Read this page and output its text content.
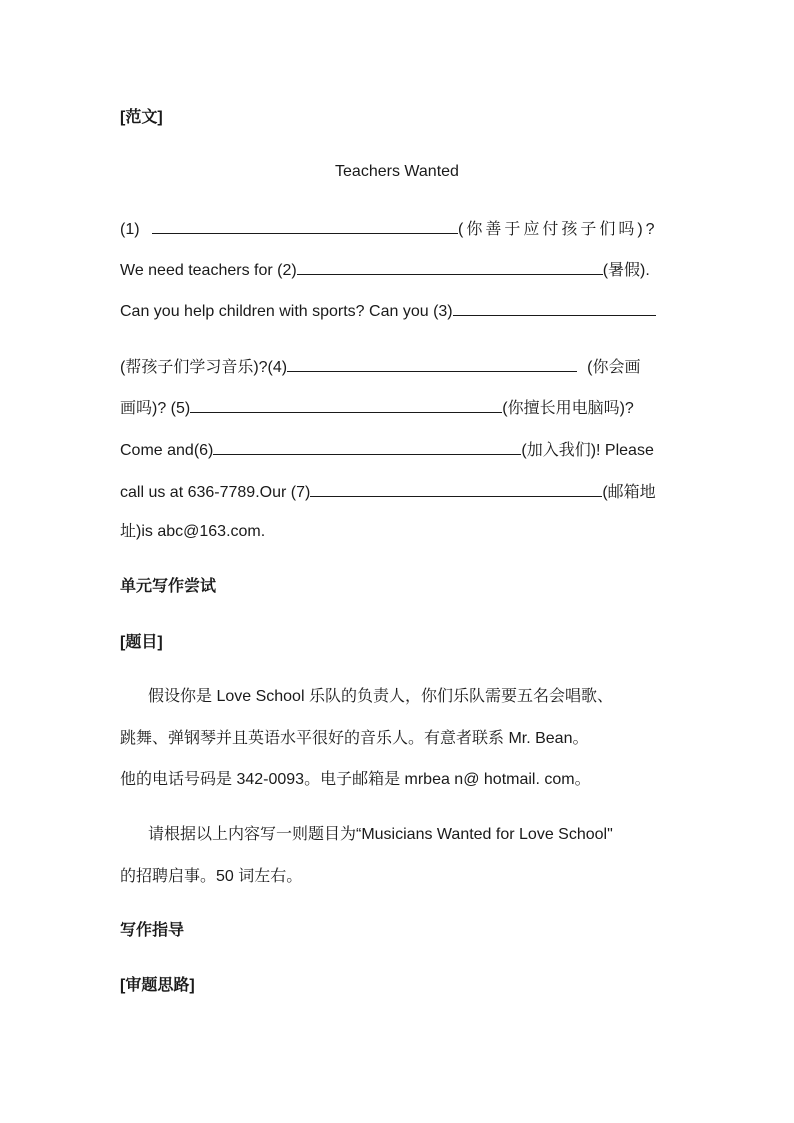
[范文]
Teachers Wanted
(1)	(你善于应付孩子们吗)?
We need teachers for (2)	(暑假).
Can you help children with sports? Can you (3)
(帮孩子们学习音乐)?(4)	(你会画
画吗)? (5)	(你擅长用电脑吗)?
Come and(6)	(加入我们)! Please
call us at 636-7789.Our (7)	(邮箱地
址)is abc@163.com.
单元写作尝试
[题目]
假设你是 Love School 乐队的负责人，你们乐队需要五名会唱歌、
跳舞、弹钢琴并且英语水平很好的音乐人。有意者联系 Mr. Bean。
他的电话号码是 342-0093。电子邮箱是 mrbea n@ hotmail. com。
请根据以上内容写一则题目为“Musicians Wanted for Love School"
的招聘启事。50 词左右。
写作指导
[审题思路]
